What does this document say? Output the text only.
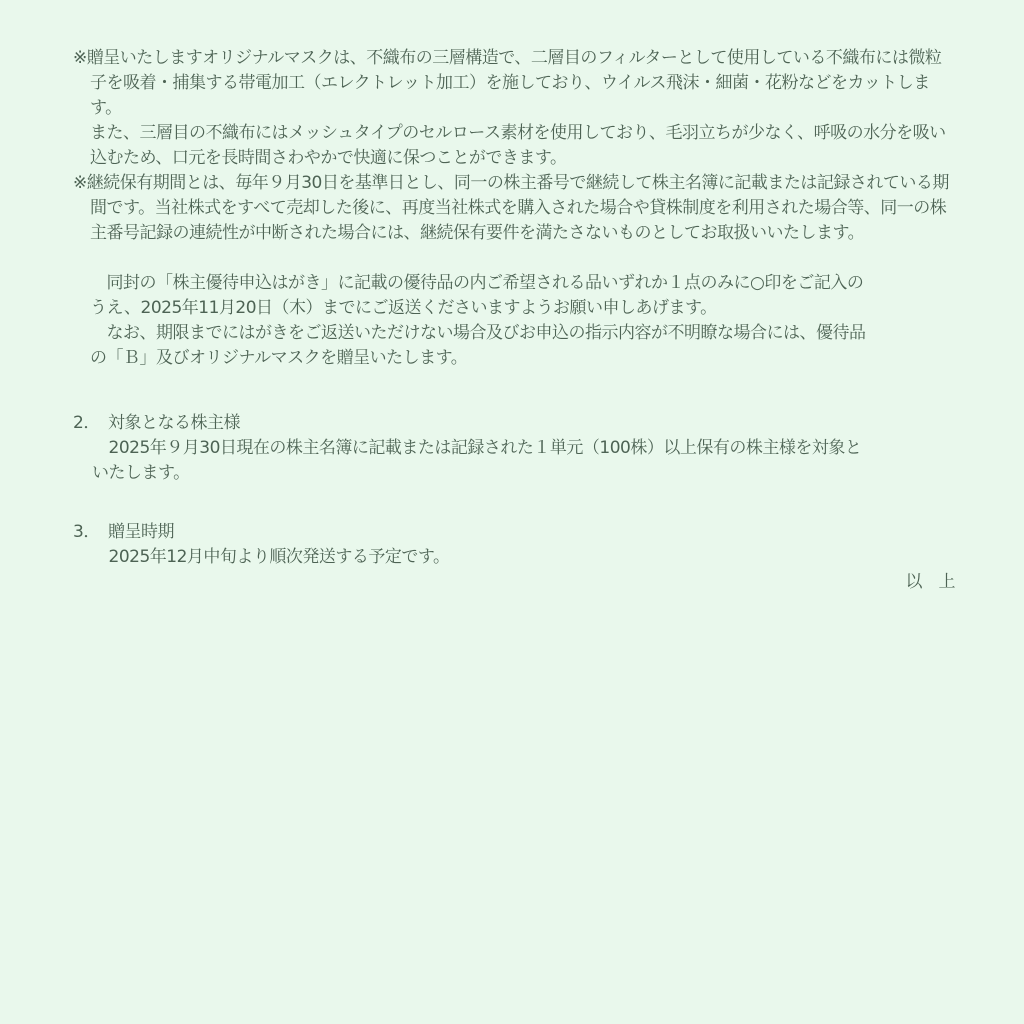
※贈呈いたしますオリジナルマスクは、不織布の三層構造で、二層目のフィルターとして使用している不織布には微粒
子を吸着・捕集する帯電加工（エレクトレット加工）を施しており、ウイルス飛沫・細菌・花粉などをカットしま
す。
また、三層目の不織布にはメッシュタイプのセルロース素材を使用しており、毛羽立ちが少なく、呼吸の水分を吸い
込むため、口元を長時間さわやかで快適に保つことができます。
※継続保有期間とは、毎年９月30日を基準日とし、同一の株主番号で継続して株主名簿に記載または記録されている期
間です。当社株式をすべて売却した後に、再度当社株式を購入された場合や貸株制度を利用された場合等、同一の株
主番号記録の連続性が中断された場合には、継続保有要件を満たさないものとしてお取扱いいたします。
　同封の「株主優待申込はがき」に記載の優待品の内ご希望される品いずれか１点のみに○印をご記入の
うえ、2025年11月20日（木）までにご返送くださいますようお願い申しあげます。
　なお、期限までにはがきをご返送いただけない場合及びお申込の指示内容が不明瞭な場合には、優待品
の「Ｂ」及びオリジナルマスクを贈呈いたします。
2． 対象となる株主様
　2025年９月30日現在の株主名簿に記載または記録された１単元（100株）以上保有の株主様を対象と
いたします。
3． 贈呈時期
　2025年12月中旬より順次発送する予定です。
以　上
